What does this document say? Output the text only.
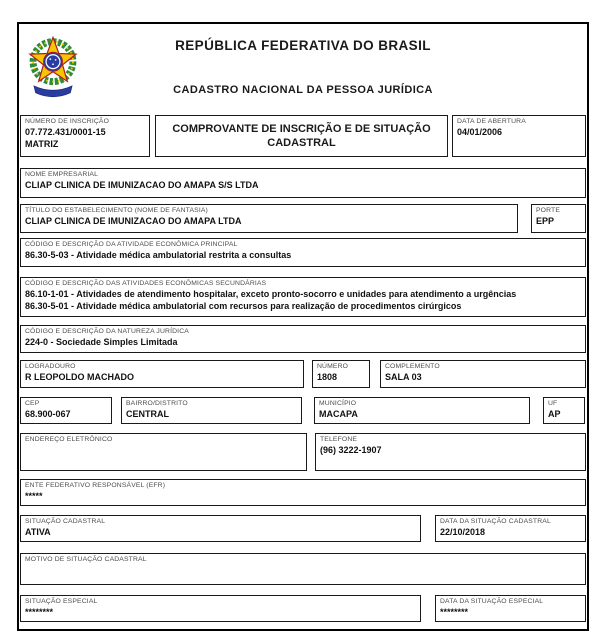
REPÚBLICA FEDERATIVA DO BRASIL
CADASTRO NACIONAL DA PESSOA JURÍDICA
NÚMERO DE INSCRIÇÃO
07.772.431/0001-15
MATRIZ
COMPROVANTE DE INSCRIÇÃO E DE SITUAÇÃO CADASTRAL
DATA DE ABERTURA
04/01/2006
NOME EMPRESARIAL
CLIAP CLINICA DE IMUNIZACAO DO AMAPA S/S LTDA
TÍTULO DO ESTABELECIMENTO (NOME DE FANTASIA)
CLIAP CLINICA DE IMUNIZACAO DO AMAPA LTDA
PORTE
EPP
CÓDIGO E DESCRIÇÃO DA ATIVIDADE ECONÔMICA PRINCIPAL
86.30-5-03 - Atividade médica ambulatorial restrita a consultas
CÓDIGO E DESCRIÇÃO DAS ATIVIDADES ECONÔMICAS SECUNDÁRIAS
86.10-1-01 - Atividades de atendimento hospitalar, exceto pronto-socorro e unidades para atendimento a urgências
86.30-5-01 - Atividade médica ambulatorial com recursos para realização de procedimentos cirúrgicos
CÓDIGO E DESCRIÇÃO DA NATUREZA JURÍDICA
224-0 - Sociedade Simples Limitada
LOGRADOURO
R LEOPOLDO MACHADO
NÚMERO
1808
COMPLEMENTO
SALA 03
CEP
68.900-067
BAIRRO/DISTRITO
CENTRAL
MUNICÍPIO
MACAPA
UF
AP
ENDEREÇO ELETRÔNICO	TELEFONE
(96) 3222-1907
ENTE FEDERATIVO RESPONSÁVEL (EFR)
*****
SITUAÇÃO CADASTRAL
ATIVA
DATA DA SITUAÇÃO CADASTRAL
22/10/2018
MOTIVO DE SITUAÇÃO CADASTRAL
SITUAÇÃO ESPECIAL
********
DATA DA SITUAÇÃO ESPECIAL
********
